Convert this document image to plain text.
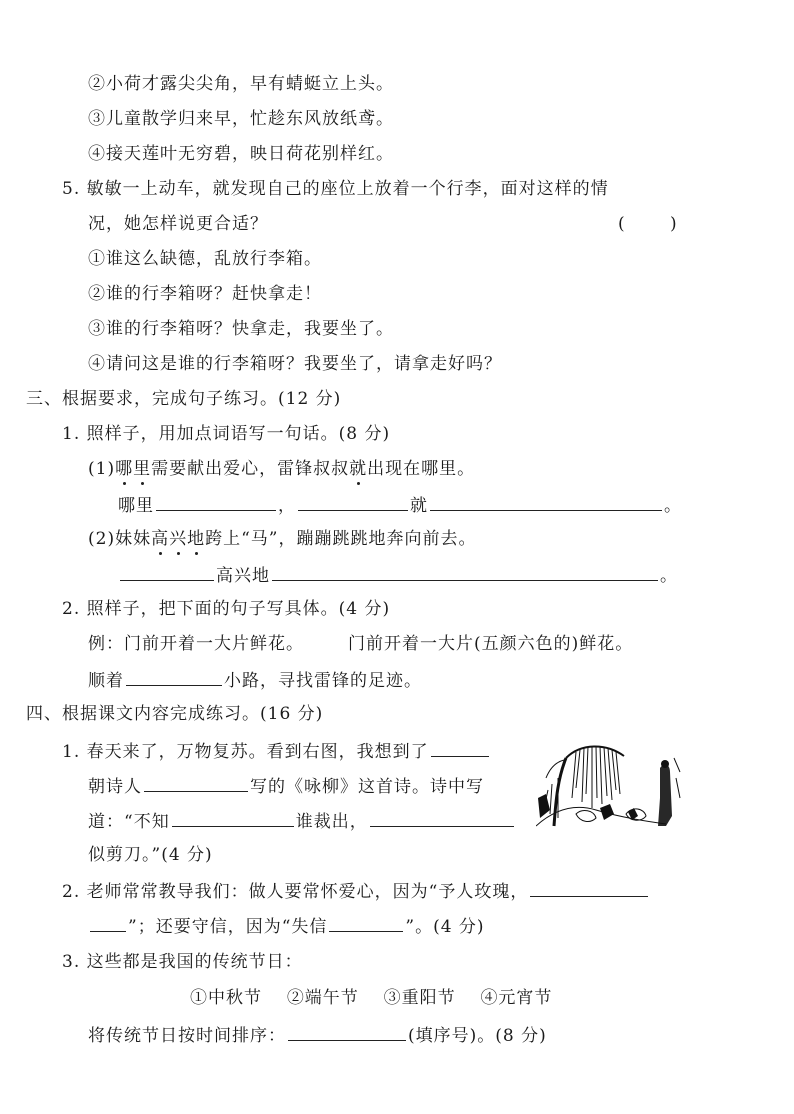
②小荷才露尖尖角，早有蜻蜓立上头。
③儿童散学归来早，忙趁东风放纸鸢。
④接天莲叶无穷碧，映日荷花别样红。
5. 敏敏一上动车，就发现自己的座位上放着一个行李，面对这样的情
况，她怎样说更合适？	(	)
①谁这么缺德，乱放行李箱。
②谁的行李箱呀？赶快拿走！
③谁的行李箱呀？快拿走，我要坐了。
④请问这是谁的行李箱呀？我要坐了，请拿走好吗？
三、根据要求，完成句子练习。(12 分)
1. 照样子，用加点词语写一句话。(8 分)
(1)哪里需要献出爱心，雷锋叔叔就出现在哪里。
哪里	，	就	。
(2)妹妹高兴地跨上“马”，蹦蹦跳跳地奔向前去。
高兴地	。
2. 照样子，把下面的句子写具体。(4 分)
例：门前开着一大片鲜花。	门前开着一大片(五颜六色的)鲜花。
顺着	小路，寻找雷锋的足迹。
四、根据课文内容完成练习。(16 分)
1. 春天来了，万物复苏。看到右图，我想到了
朝诗人	写的《咏柳》这首诗。诗中写
道：“不知	谁裁出，
似剪刀。”(4 分)
2. 老师常常教导我们：做人要常怀爱心，因为“予人玫瑰，
”；还要守信，因为“失信	”。(4 分)
3. 这些都是我国的传统节日：
①中秋节 ②端午节 ③重阳节 ④元宵节
将传统节日按时间排序：	(填序号)。(8 分)
